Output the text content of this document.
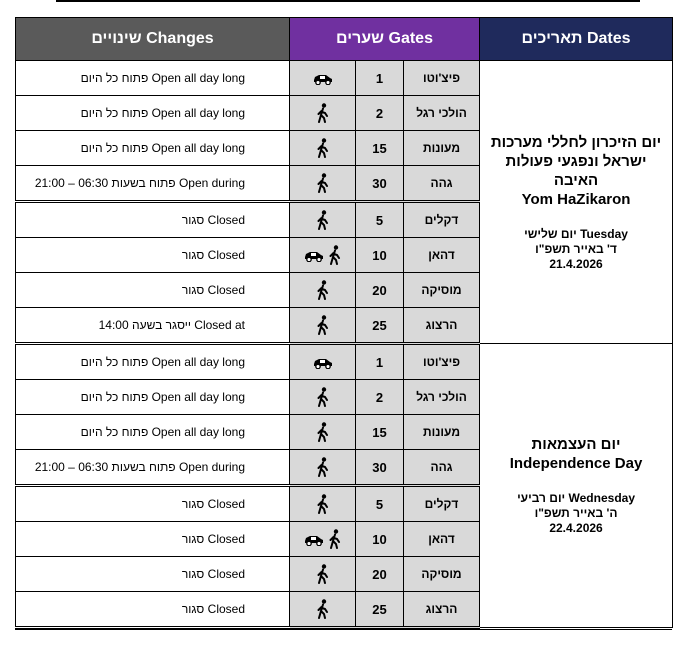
שינויים Changes	שערים Gates			תאריכים Dates
פתוח כל היום Open all day long		1	פיצ'וטו	יום הזיכרון לחללי מערכות ישראל ונפגעי פעולות האיבה
Yom HaZikaron
יום שלישי Tuesday
ד' באייר תשפ"ו
21.4.2026

פתוח כל היום Open all day long		2	הולכי רגל	
פתוח כל היום Open all day long		15	מעונות	
פתוח בשעות 06:30 – 21:00 Open during		30	גהה	
סגור Closed		5	דקלים	
סגור Closed		10	דהאן	
סגור Closed		20	מוסיקה	
ייסגר בשעה 14:00 Closed at		25	הרצוג	
פתוח כל היום Open all day long		1	פיצ'וטו	יום העצמאות
Independence Day
יום רביעי Wednesday
ה' באייר תשפ"ו
22.4.2026

פתוח כל היום Open all day long		2	הולכי רגל	
פתוח כל היום Open all day long		15	מעונות	
פתוח בשעות 06:30 – 21:00 Open during		30	גהה	
סגור Closed		5	דקלים	
סגור Closed		10	דהאן	
סגור Closed		20	מוסיקה	
סגור Closed		25	הרצוג	
